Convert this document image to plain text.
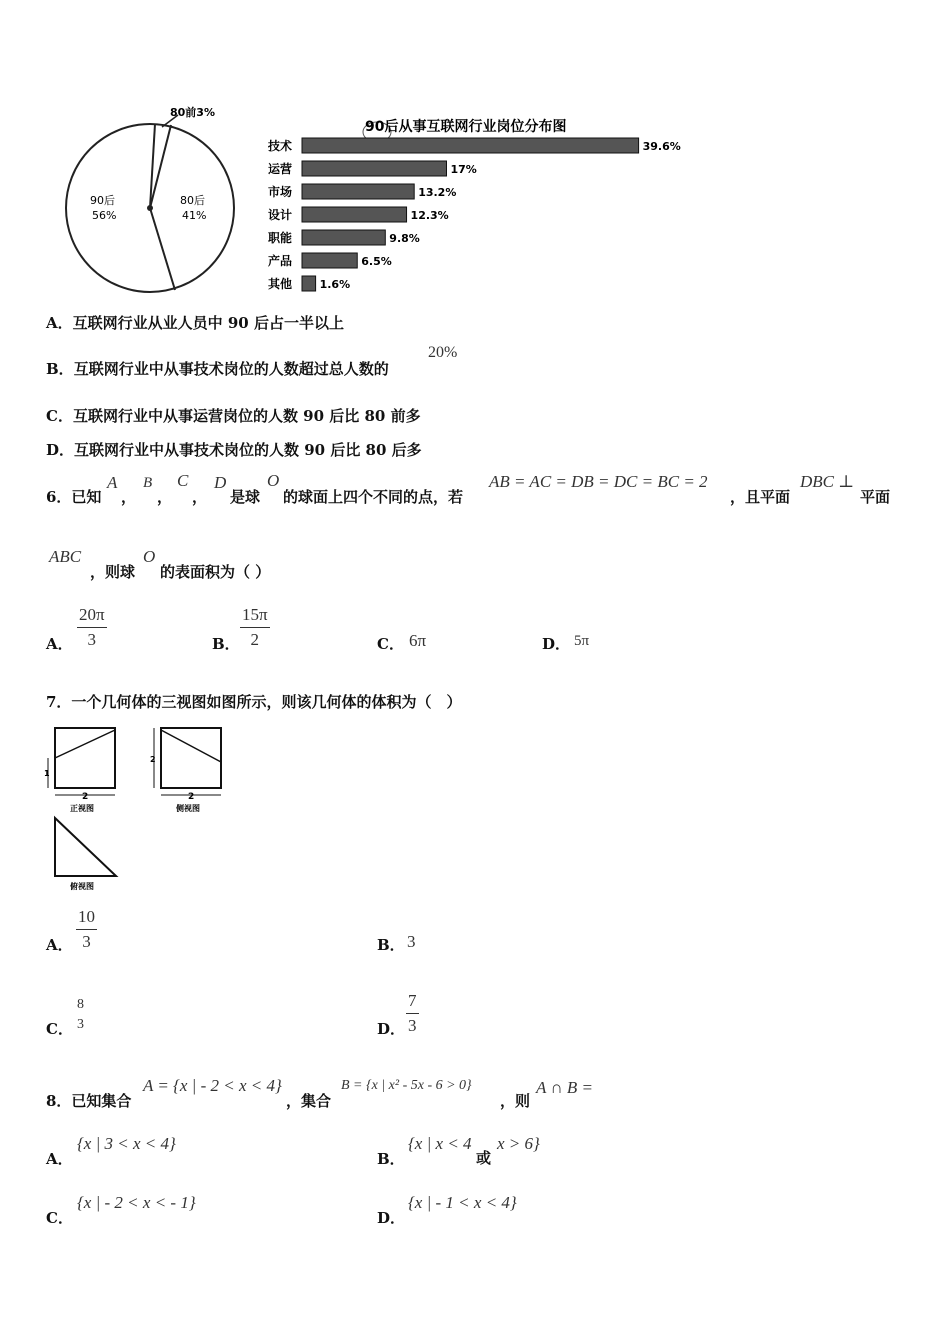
80前3%
90后
56%
80后
41%
90后从事互联网行业岗位分布图
技术	39.6%
运营	17%
市场	13.2%
设计	12.3%
职能	9.8%
产品	6.5%
其他	1.6%
A．互联网行业从业人员中 90 后占一半以上
B．互联网行业中从事技术岗位的人数超过总人数的
20%
C．互联网行业中从事运营岗位的人数 90 后比 80 前多
D．互联网行业中从事技术岗位的人数 90 后比 80 后多
6．已知
A
，
B
，
C
，
D
是球
O
的球面上四个不同的点，若
AB = AC = DB = DC = BC = 2
，且平面
DBC ⊥
平面
ABC
，则球
O
的表面积为（ ）
A． $\frac{20\pi}{3}$	B． $\frac{15\pi}{2}$	C． 6π	D． 5π
7．一个几何体的三视图如图所示，则该几何体的体积为（　）
1
2
正视图
2
2
侧视图
俯视图
A． $\frac{10}{3}$	B． 3
C．
8
3	D． $\frac{7}{3}$
8．已知集合
A = {x | - 2 < x < 4}
，集合
B = {x | x² - 5x - 6 > 0}
，则
A ∩ B =
A．
{x | 3 < x < 4}
B．
{x | x < 4
或
x > 6}
C．
{x | - 2 < x < - 1}
D．
{x | - 1 < x < 4}
